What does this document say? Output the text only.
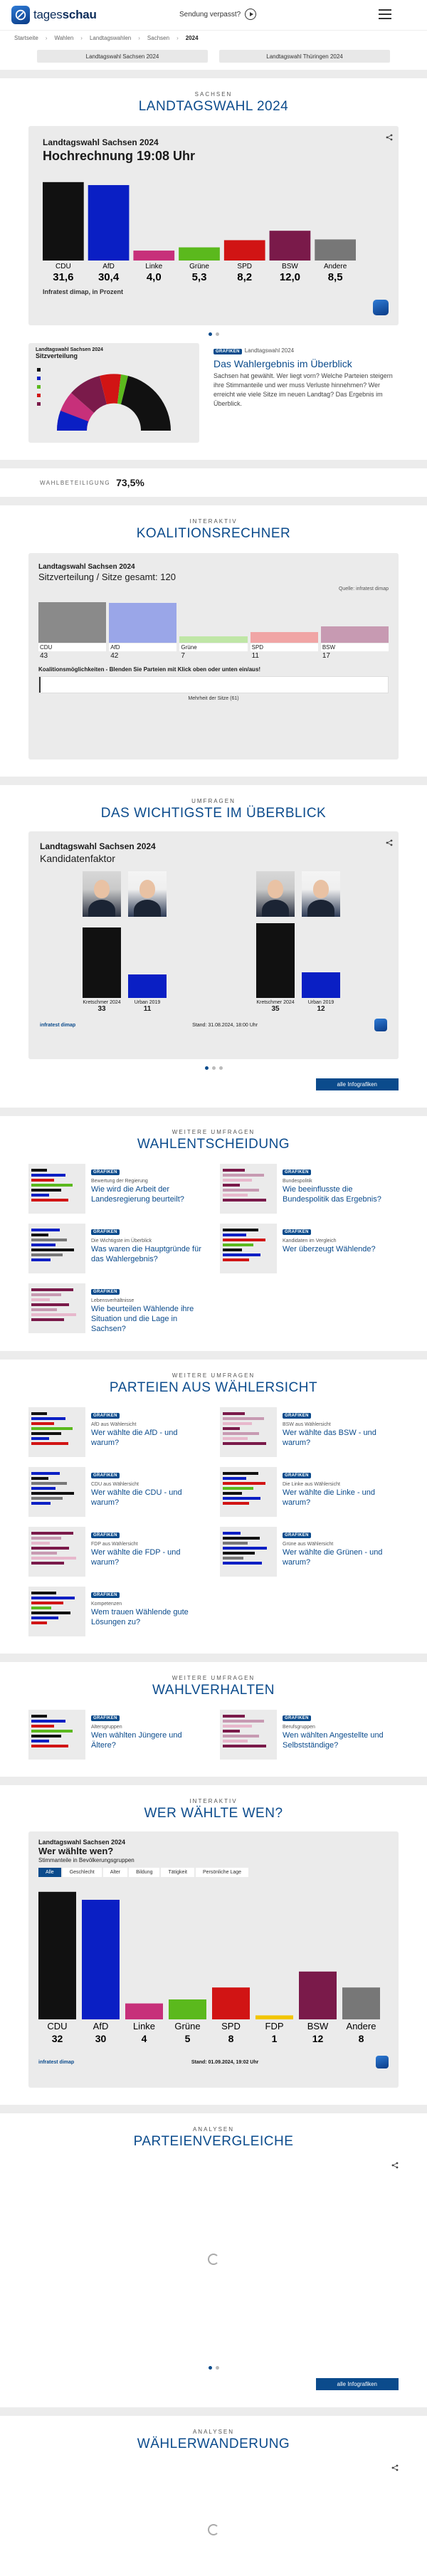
tagesschau	Sendung verpasst?
Startseite › Wahlen › Landtagswahlen › Sachsen › 2024
Landtagswahl Sachsen 2024	Landtagswahl Thüringen 2024
SACHSEN
LANDTAGSWAHL 2024
Landtagswahl Sachsen 2024
Hochrechnung 19:08 Uhr
CDU
31,6
AfD
30,4
Linke
4,0
Grüne
5,3
SPD
8,2
BSW
12,0
Andere
8,5
Infratest dimap, in Prozent
Landtagswahl Sachsen 2024
Sitzverteilung
GRAFIKEN Landtagswahl 2024
Das Wahlergebnis im Überblick

Sachsen hat gewählt. Wer liegt vorn? Welche Parteien steigern ihre Stimmanteile und wer muss Verluste hinnehmen? Wer erreicht wie viele Sitze im neuen Landtag? Das Ergebnis im Überblick.

WAHLBETEILIGUNG 73,5%
INTERAKTIV
KOALITIONSRECHNER
Landtagswahl Sachsen 2024
Sitzverteilung / Sitze gesamt: 120
Quelle: infratest dimap
CDU	AfD	Grüne	SPD	BSW
43	42	7	11	17
Koalitionsmöglichkeiten - Blenden Sie Parteien mit Klick oben oder unten ein/aus!
Mehrheit der Sitze (61)
UMFRAGEN
DAS WICHTIGSTE IM ÜBERBLICK
Landtagswahl Sachsen 2024
Kandidatenfaktor
Kretschmer 2024
33
Urban 2019
11
Kretschmer 2024
35
Urban 2019
12
infratest dimap	Stand: 31.08.2024, 18:00 Uhr
alle Infografiken
WEITERE UMFRAGEN
WAHLENTSCHEIDUNG
GRAFIKEN
Bewertung der Regierung
Wie wird die Arbeit der Landesregierung beurteilt?
GRAFIKEN
Bundespolitik
Wie beeinflusste die Bundespolitik das Ergebnis?
GRAFIKEN
Die Wichtigste im Überblick
Was waren die Hauptgründe für das Wahlergebnis?
GRAFIKEN
Kandidaten im Vergleich
Wer überzeugt Wählende?
GRAFIKEN
Lebensverhältnisse
Wie beurteilen Wählende ihre Situation und die Lage in Sachsen?
WEITERE UMFRAGEN
PARTEIEN AUS WÄHLERSICHT
GRAFIKEN
AfD aus Wählersicht
Wer wählte die AfD - und warum?
GRAFIKEN
BSW aus Wählersicht
Wer wählte das BSW - und warum?
GRAFIKEN
CDU aus Wählersicht
Wer wählte die CDU - und warum?
GRAFIKEN
Die Linke aus Wählersicht
Wer wählte die Linke - und warum?
GRAFIKEN
FDP aus Wählersicht
Wer wählte die FDP - und warum?
GRAFIKEN
Grüne aus Wählersicht
Wer wählte die Grünen - und warum?
GRAFIKEN
Kompetenzen
Wem trauen Wählende gute Lösungen zu?
WEITERE UMFRAGEN
WAHLVERHALTEN
GRAFIKEN
Altersgruppen
Wen wählten Jüngere und Ältere?
GRAFIKEN
Berufsgruppen
Wen wählten Angestellte und Selbstständige?
INTERAKTIV
WER WÄHLTE WEN?
Landtagswahl Sachsen 2024
Wer wählte wen?
Stimmanteile in Bevölkerungsgruppen
Alle	Geschlecht	Alter	Bildung	Tätigkeit	Persönliche Lage
CDU
32
AfD
30
Linke
4
Grüne
5
SPD
8
FDP
1
BSW
12
Andere
8
infratest dimap	Stand: 01.09.2024, 19:02 Uhr
ANALYSEN
PARTEIENVERGLEICHE
alle Infografiken
ANALYSEN
WÄHLERWANDERUNG
